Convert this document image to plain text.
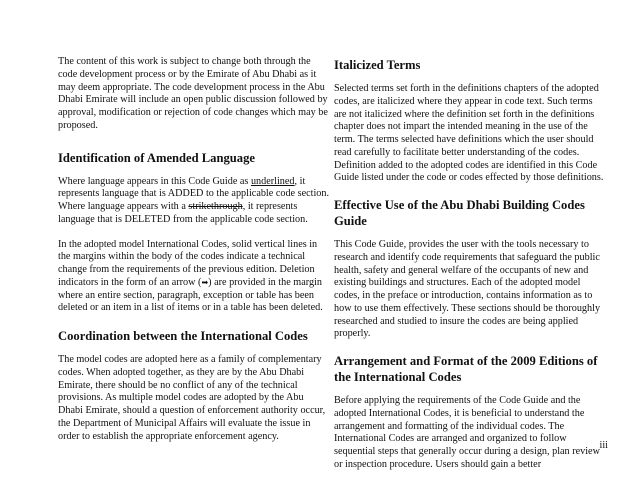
The content of this work is subject to change both through the code development process or by the Emirate of Abu Dhabi as it may deem appropriate. The code development process in the Abu Dhabi Emirate will include an open public discussion followed by approval, modification or rejection of code changes which may be proposed.

Identification of Amended Language

Where language appears in this Code Guide as underlined, it represents language that is ADDED to the applicable code section. Where language appears with a strikethrough, it represents language that is DELETED from the applicable code section.

In the adopted model International Codes, solid vertical lines in the margins within the body of the codes indicate a technical change from the requirements of the previous edition. Deletion indicators in the form of an arrow (➡) are provided in the margin where an entire section, paragraph, exception or table has been deleted or an item in a list of items or in a table has been deleted.

Coordination between the International Codes

The model codes are adopted here as a family of complementary codes. When adopted together, as they are by the Abu Dhabi Emirate, there should be no conflict of any of the technical provisions. As multiple model codes are adopted by the Abu Dhabi Emirate, should a question of enforcement authority occur, the Department of Municipal Affairs will evaluate the issue in order to establish the appropriate enforcement agency.

Italicized Terms

Selected terms set forth in the definitions chapters of the adopted codes, are italicized where they appear in code text. Such terms are not italicized where the definition set forth in the definitions chapter does not impart the intended meaning in the use of the term. The terms selected have definitions which the user should read carefully to facilitate better understanding of the codes. Definition added to the adopted codes are identified in this Code Guide listed under the code or codes effected by those definitions.

Effective Use of the Abu Dhabi Building Codes Guide

This Code Guide, provides the user with the tools necessary to research and identify code requirements that safeguard the public health, safety and general welfare of the occupants of new and existing buildings and structures. Each of the adopted model codes, in the preface or introduction, contains information as to how to use them effectively. These sections should be thoroughly researched and studied to insure the codes are being applied properly.

Arrangement and Format of the 2009 Editions of the International Codes

Before applying the requirements of the Code Guide and the adopted International Codes, it is beneficial to understand the arrangement and formatting of the individual codes. The International Codes are arranged and organized to follow sequential steps that generally occur during a design, plan review or inspection procedure. Users should gain a better

iii
